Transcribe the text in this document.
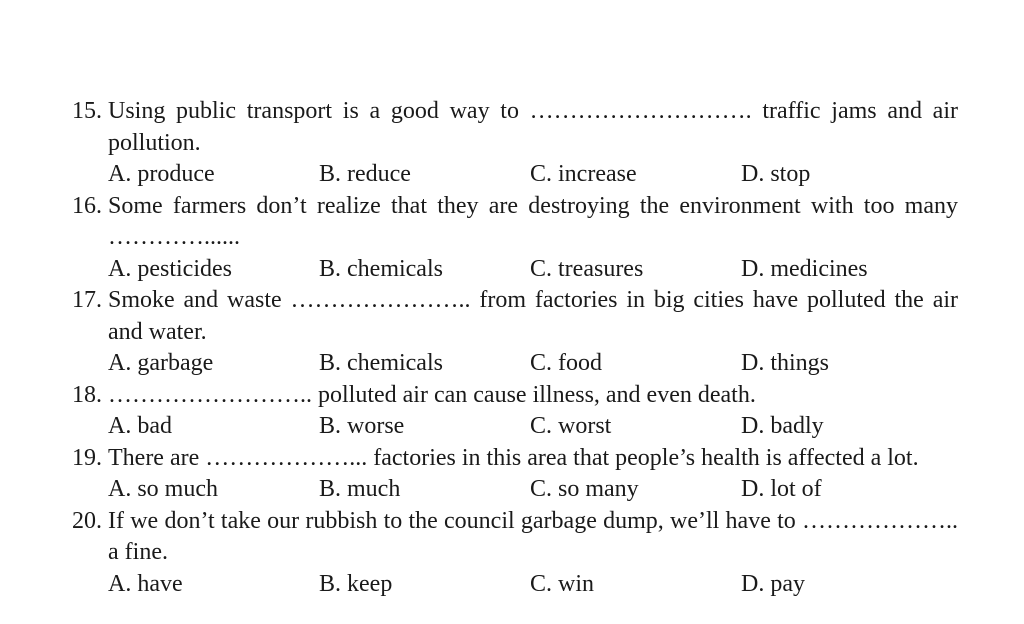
15. Using public transport is a good way to ………………………. traffic jams and air pollution.
A. produce	B. reduce	C. increase	D. stop
16. Some farmers don’t realize that they are destroying the environment with too many …………......
A. pesticides	B. chemicals	C. treasures	D. medicines
17. Smoke and waste ………………….. from factories in big cities have polluted the air and water.
A. garbage	B. chemicals	C. food	D. things
18. …………………….. polluted air can cause illness, and even death.
A. bad	B. worse	C. worst	D. badly
19. There are ………………... factories in this area that people’s health is affected a lot.
A. so much	B. much	C. so many	D. lot of
20. If we don’t take our rubbish to the council garbage dump, we’ll have to ……………….. a fine.
A. have	B. keep	C. win	D. pay
